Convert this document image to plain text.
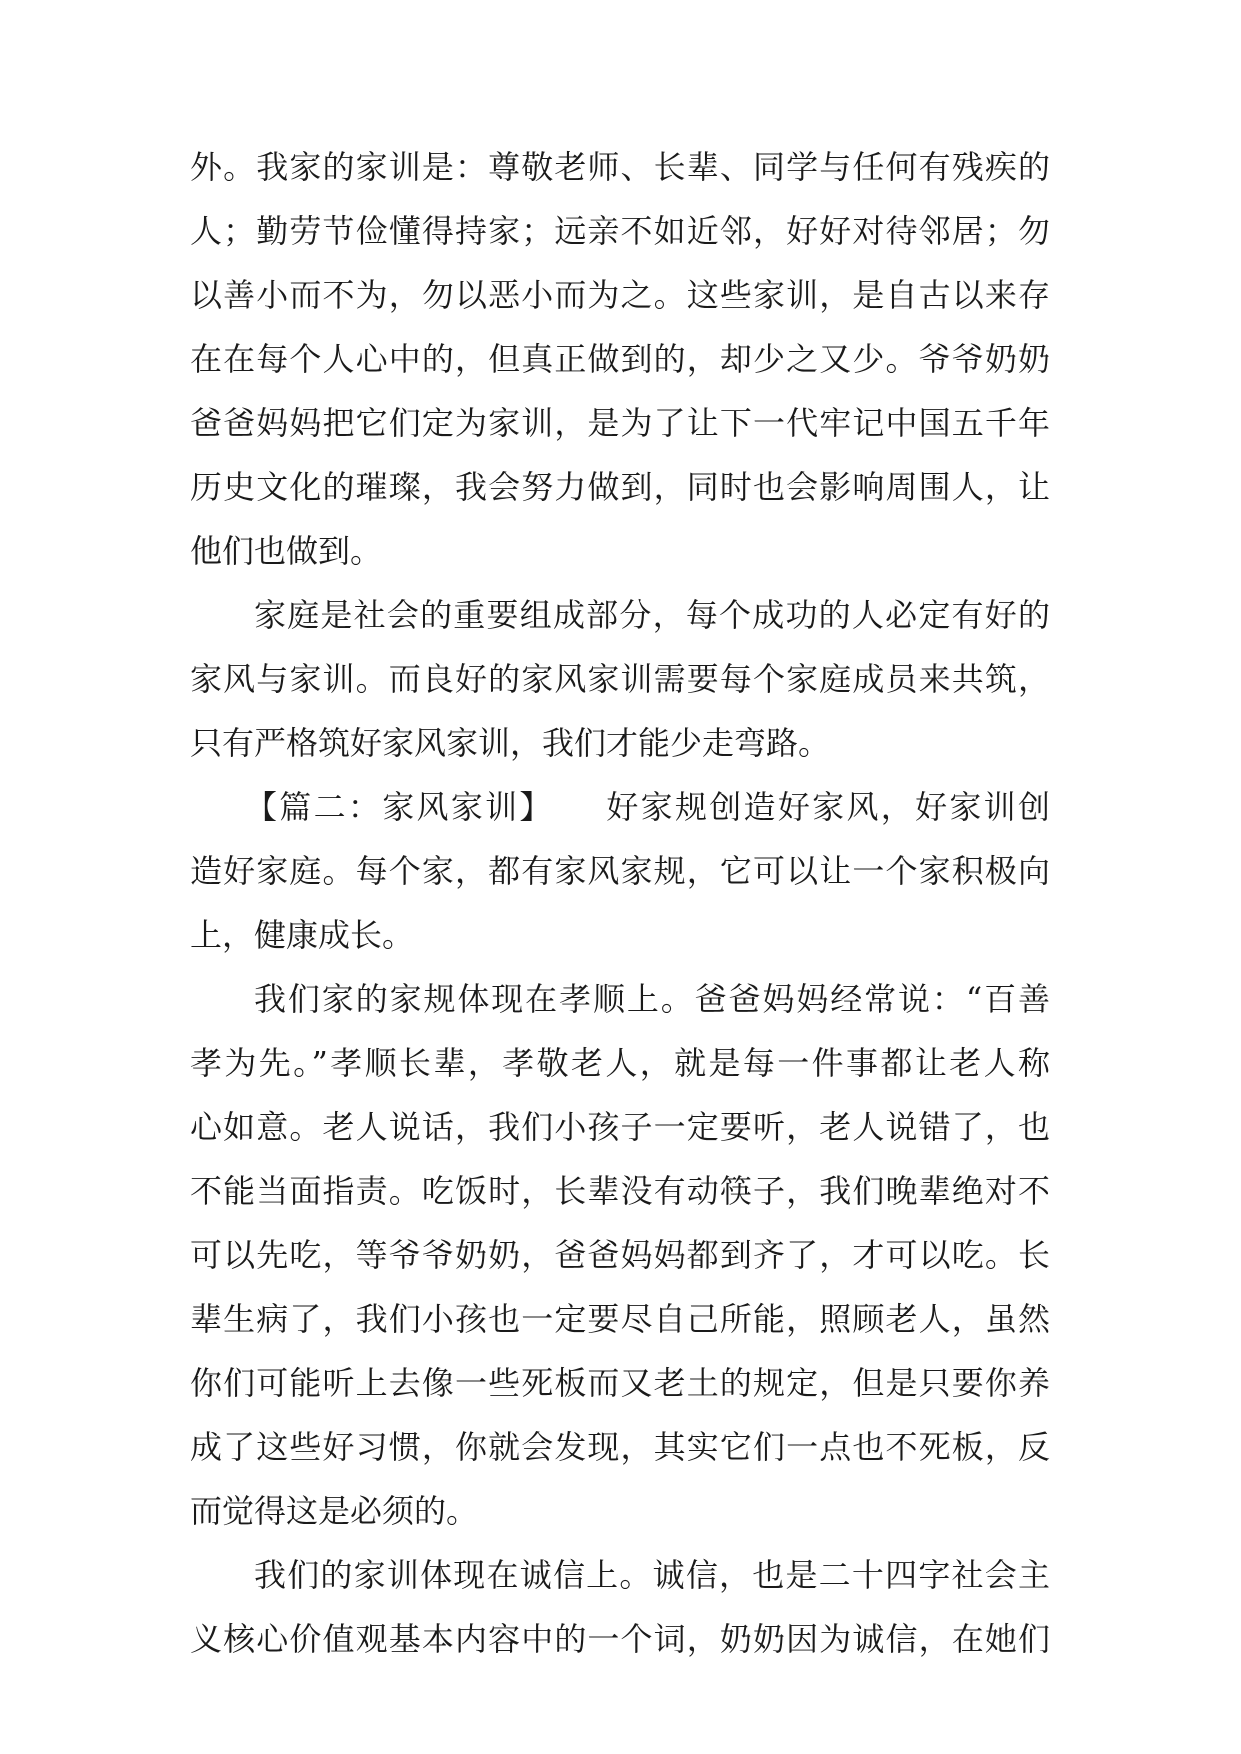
外。我家的家训是：尊敬老师、长辈、同学与任何有残疾的
人；勤劳节俭懂得持家；远亲不如近邻，好好对待邻居；勿
以善小而不为，勿以恶小而为之。这些家训，是自古以来存
在在每个人心中的，但真正做到的，却少之又少。爷爷奶奶
爸爸妈妈把它们定为家训，是为了让下一代牢记中国五千年
历史文化的璀璨，我会努力做到，同时也会影响周围人，让
他们也做到。
家庭是社会的重要组成部分，每个成功的人必定有好的
家风与家训。而良好的家风家训需要每个家庭成员来共筑，
只有严格筑好家风家训，我们才能少走弯路。
【篇二：家风家训】　　好家规创造好家风，好家训创
造好家庭。每个家，都有家风家规，它可以让一个家积极向
上，健康成长。
我们家的家规体现在孝顺上。爸爸妈妈经常说：“百善
孝为先。”孝顺长辈，孝敬老人，就是每一件事都让老人称
心如意。老人说话，我们小孩子一定要听，老人说错了，也
不能当面指责。吃饭时，长辈没有动筷子，我们晚辈绝对不
可以先吃，等爷爷奶奶，爸爸妈妈都到齐了，才可以吃。长
辈生病了，我们小孩也一定要尽自己所能，照顾老人，虽然
你们可能听上去像一些死板而又老土的规定，但是只要你养
成了这些好习惯，你就会发现，其实它们一点也不死板，反
而觉得这是必须的。
我们的家训体现在诚信上。诚信，也是二十四字社会主
义核心价值观基本内容中的一个词，奶奶因为诚信，在她们
